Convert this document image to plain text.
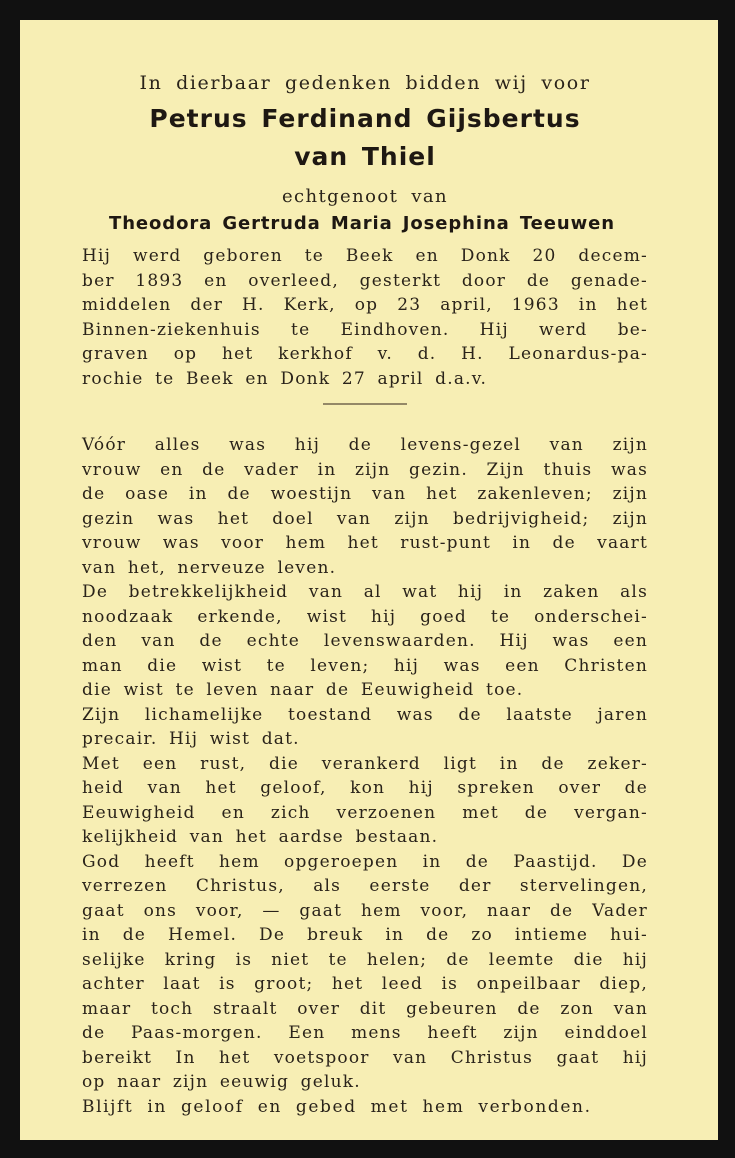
In dierbaar gedenken bidden wij voor

Petrus Ferdinand Gijsbertus

van Thiel

echtgenoot van

Theodora Gertruda Maria Josephina Teeuwen

Hij werd geboren te Beek en Donk 20 decem-
ber 1893 en overleed, gesterkt door de genade-
middelen der H. Kerk, op 23 april, 1963 in het
Binnen-ziekenhuis te Eindhoven. Hij werd be-
graven op het kerkhof v. d. H. Leonardus-pa-
rochie te Beek en Donk 27 april d.a.v.
Vóór alles was hij de levens-gezel van zijn
vrouw en de vader in zijn gezin. Zijn thuis was
de oase in de woestijn van het zakenleven; zijn
gezin was het doel van zijn bedrijvigheid; zijn
vrouw was voor hem het rust-punt in de vaart
van het, nerveuze leven.
De betrekkelijkheid van al wat hij in zaken als
noodzaak erkende, wist hij goed te onderschei-
den van de echte levenswaarden. Hij was een
man die wist te leven; hij was een Christen
die wist te leven naar de Eeuwigheid toe.
Zijn lichamelijke toestand was de laatste jaren
precair. Hij wist dat.
Met een rust, die verankerd ligt in de zeker-
heid van het geloof, kon hij spreken over de
Eeuwigheid en zich verzoenen met de vergan-
kelijkheid van het aardse bestaan.
God heeft hem opgeroepen in de Paastijd. De
verrezen Christus, als eerste der stervelingen,
gaat ons voor, — gaat hem voor, naar de Vader
in de Hemel. De breuk in de zo intieme hui-
selijke kring is niet te helen; de leemte die hij
achter laat is groot; het leed is onpeilbaar diep,
maar toch straalt over dit gebeuren de zon van
de Paas-morgen. Een mens heeft zijn einddoel
bereikt In het voetspoor van Christus gaat hij
op naar zijn eeuwig geluk.
Blijft in geloof en gebed met hem verbonden.
